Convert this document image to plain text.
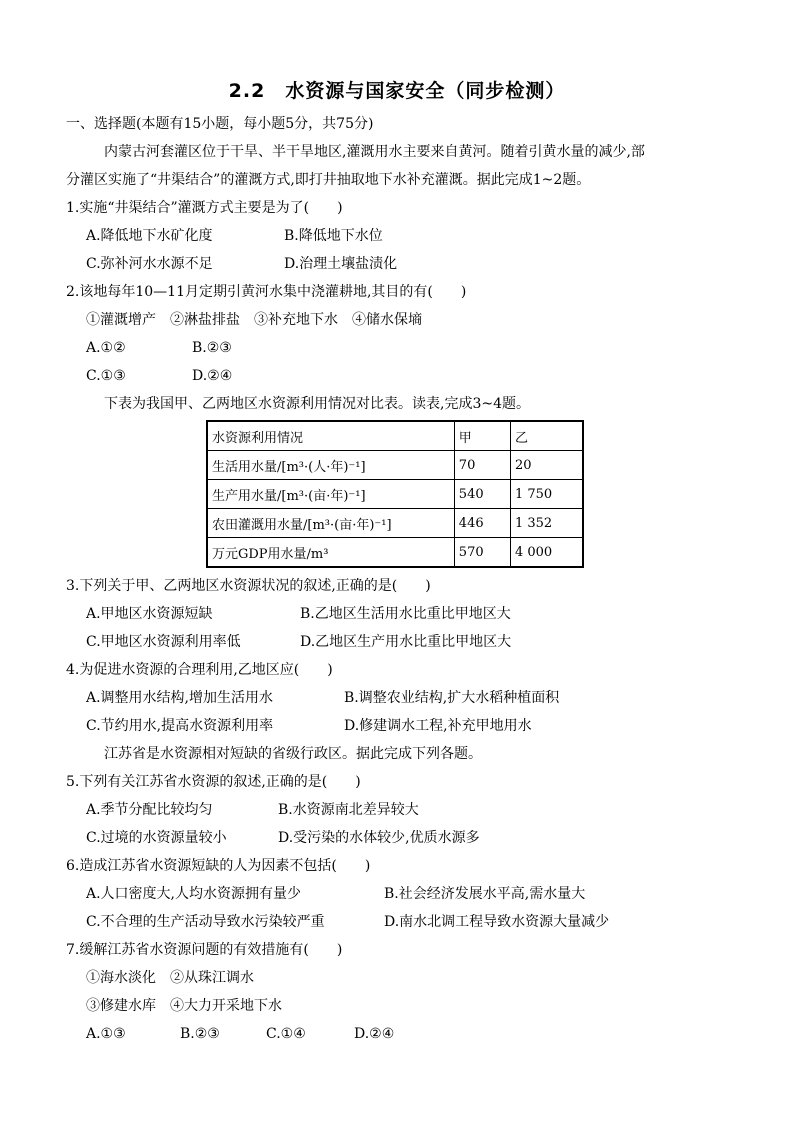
2.2　水资源与国家安全（同步检测）
一、选择题(本题有15小题，每小题5分，共75分)
内蒙古河套灌区位于干旱、半干旱地区,灌溉用水主要来自黄河。随着引黄水量的减少,部
分灌区实施了“井渠结合”的灌溉方式,即打井抽取地下水补充灌溉。据此完成1~2题。
1.实施“井渠结合”灌溉方式主要是为了(　　)
A.降低地下水矿化度	B.降低地下水位
C.弥补河水水源不足	D.治理土壤盐渍化
2.该地每年10—11月定期引黄河水集中浇灌耕地,其目的有(　　)
①灌溉增产　②淋盐排盐　③补充地下水　④储水保墒
A.①②	B.②③
C.①③	D.②④
下表为我国甲、乙两地区水资源利用情况对比表。读表,完成3~4题。
水资源利用情况	甲	乙
生活用水量/[m³·(人·年)⁻¹]	70	20
生产用水量/[m³·(亩·年)⁻¹]	540	1 750
农田灌溉用水量/[m³·(亩·年)⁻¹]	446	1 352
万元GDP用水量/m³	570	4 000
3.下列关于甲、乙两地区水资源状况的叙述,正确的是(　　)
A.甲地区水资源短缺	B.乙地区生活用水比重比甲地区大
C.甲地区水资源利用率低	D.乙地区生产用水比重比甲地区大
4.为促进水资源的合理利用,乙地区应(　　)
A.调整用水结构,增加生活用水	B.调整农业结构,扩大水稻种植面积
C.节约用水,提高水资源利用率	D.修建调水工程,补充甲地用水
江苏省是水资源相对短缺的省级行政区。据此完成下列各题。
5.下列有关江苏省水资源的叙述,正确的是(　　)
A.季节分配比较均匀	B.水资源南北差异较大
C.过境的水资源量较小	D.受污染的水体较少,优质水源多
6.造成江苏省水资源短缺的人为因素不包括(　　)
A.人口密度大,人均水资源拥有量少	B.社会经济发展水平高,需水量大
C.不合理的生产活动导致水污染较严重	D.南水北调工程导致水资源大量减少
7.缓解江苏省水资源问题的有效措施有(　　)
①海水淡化　②从珠江调水
③修建水库　④大力开采地下水
A.①③	B.②③	C.①④	D.②④
